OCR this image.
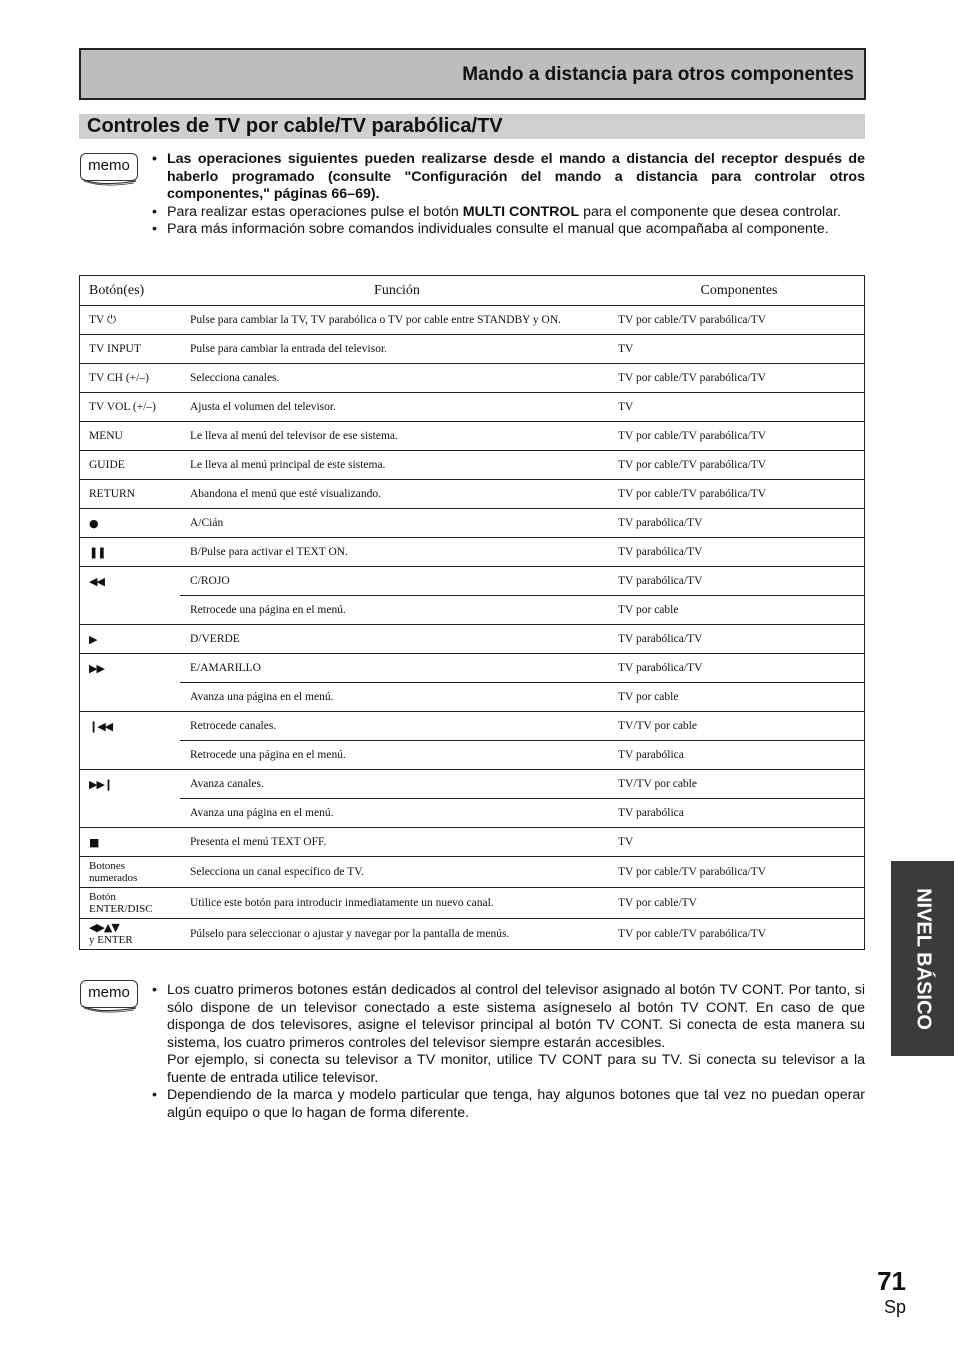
Mando a distancia para otros componentes
Controles de TV por cable/TV parabólica/TV
memo	• Las operaciones siguientes pueden realizarse desde el mando a distancia del receptor después de haberlo programado (consulte "Configuración del mando a distancia para controlar otros componentes," páginas 66–69).
• Para realizar estas operaciones pulse el botón MULTI CONTROL para el componente que desea controlar.
• Para más información sobre comandos individuales consulte el manual que acompañaba al componente.
Botón(es)	Función	Componentes
TV ⏻	Pulse para cambiar la TV, TV parabólica o TV por cable entre STANDBY y ON.	TV por cable/TV parabólica/TV
TV INPUT	Pulse para cambiar la entrada del televisor.	TV
TV CH (+/–)	Selecciona canales.	TV por cable/TV parabólica/TV
TV VOL (+/–)	Ajusta el volumen del televisor.	TV
MENU	Le lleva al menú del televisor de ese sistema.	TV por cable/TV parabólica/TV
GUIDE	Le lleva al menú principal de este sistema.	TV por cable/TV parabólica/TV
RETURN	Abandona el menú que esté visualizando.	TV por cable/TV parabólica/TV
●	A/Cián	TV parabólica/TV
❚❚	B/Pulse para activar el TEXT ON.	TV parabólica/TV
◀◀	C/ROJO	TV parabólica/TV
	Retrocede una página en el menú.	TV por cable
▶	D/VERDE	TV parabólica/TV
▶▶	E/AMARILLO	TV parabólica/TV
	Avanza una página en el menú.	TV por cable
❙◀◀	Retrocede canales.	TV/TV por cable
	Retrocede una página en el menú.	TV parabólica
▶▶❙	Avanza canales.	TV/TV por cable
	Avanza una página en el menú.	TV parabólica
■	Presenta el menú TEXT OFF.	TV

Botones
numerados	Selecciona un canal específico de TV.	TV por cable/TV parabólica/TV

Botón
ENTER/DISC	Utilice este botón para introducir inmediatamente un nuevo canal.	TV por cable/TV

◀▶▲▼
y ENTER	Púlselo para seleccionar o ajustar y navegar por la pantalla de menús.	TV por cable/TV parabólica/TV
memo	• Los cuatro primeros botones están dedicados al control del televisor asignado al botón TV CONT. Por tanto, si sólo dispone de un televisor conectado a este sistema asígneselo al botón TV CONT. En caso de que disponga de dos televisores, asigne el televisor principal al botón TV CONT. Si conecta de esta manera su sistema, los cuatro primeros controles del televisor siempre estarán accesibles.
Por ejemplo, si conecta su televisor a TV monitor, utilice TV CONT para su TV. Si conecta su televisor a la fuente de entrada utilice televisor.
• Dependiendo de la marca y modelo particular que tenga, hay algunos botones que tal vez no puedan operar algún equipo o que lo hagan de forma diferente.
NIVEL BÁSICO
71
Sp
